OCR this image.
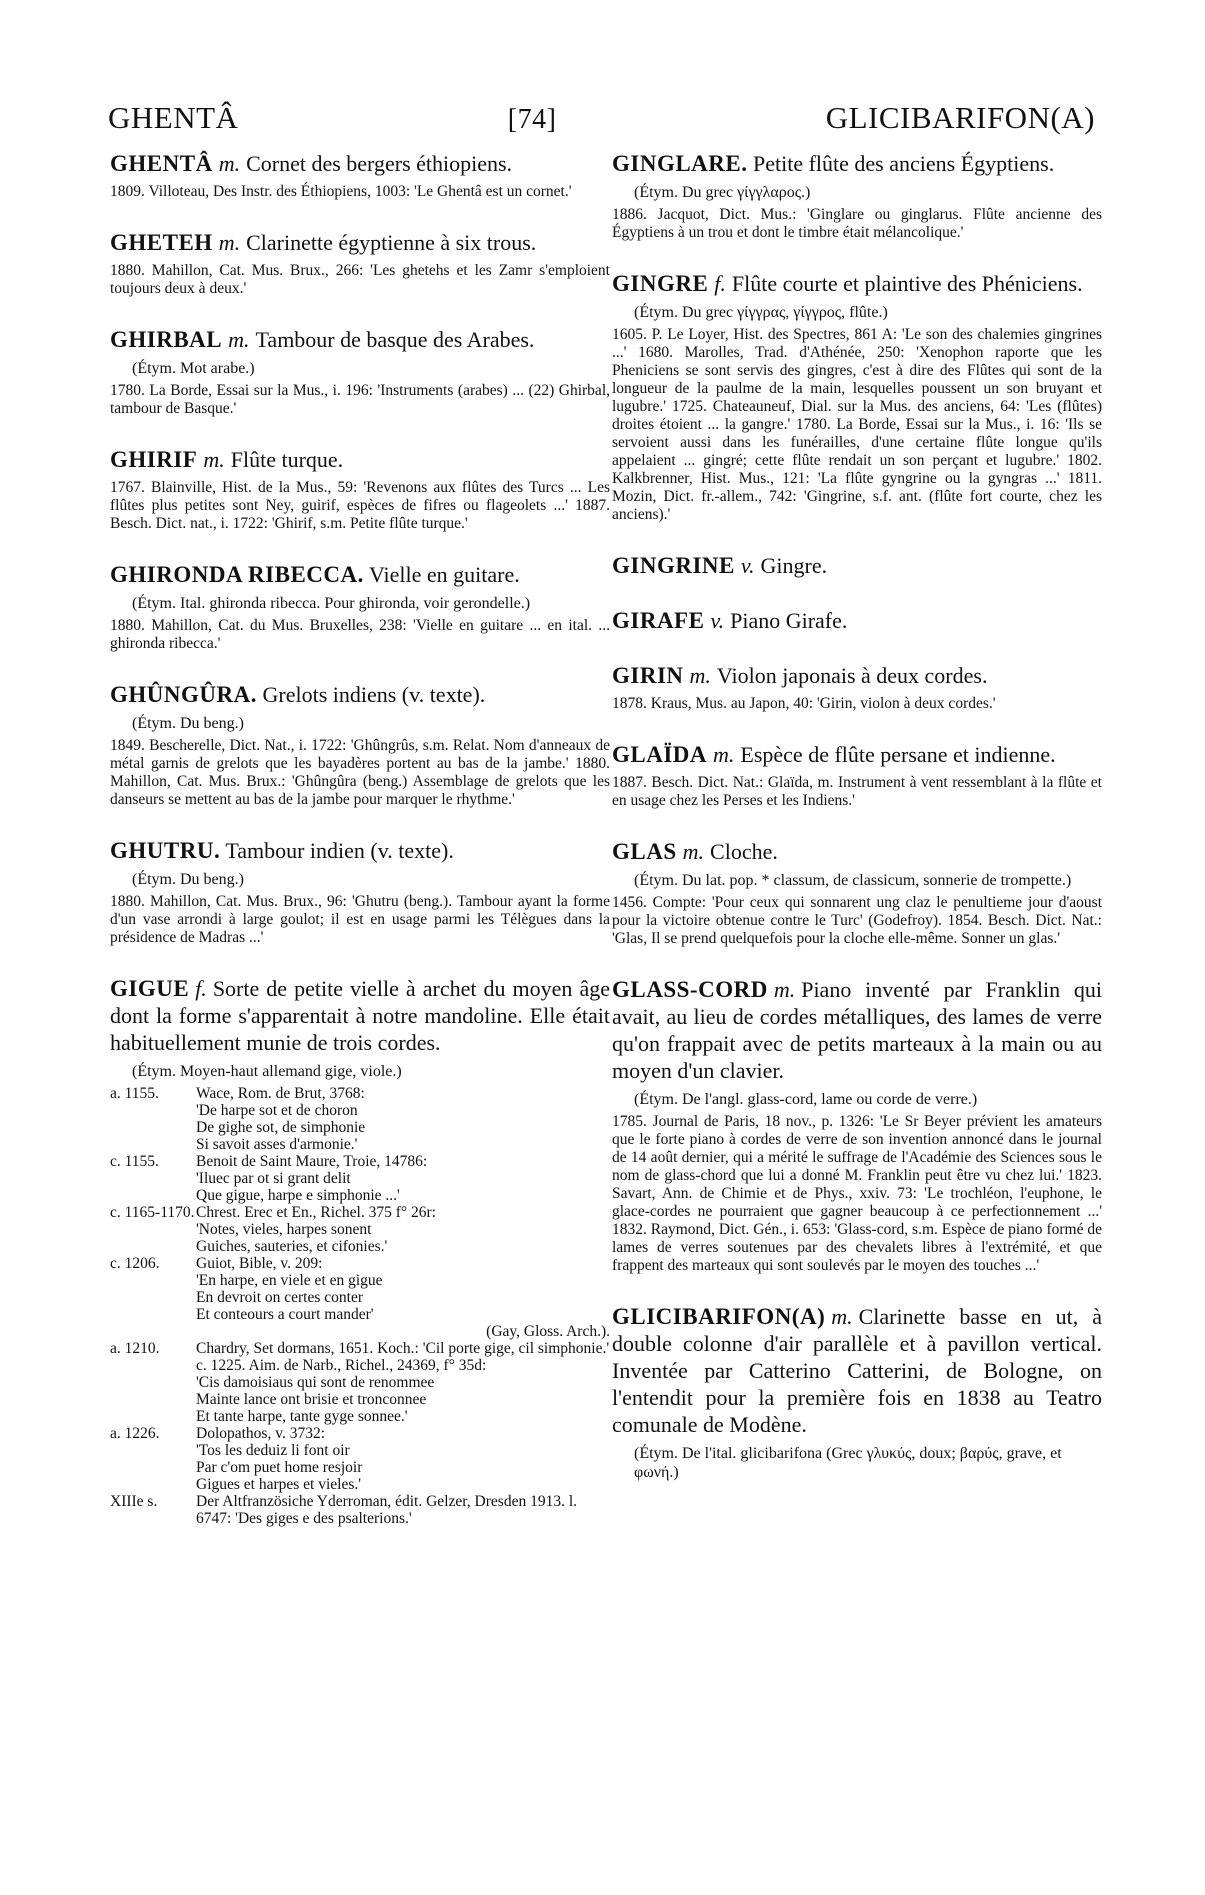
GHENTÂ	[74]	GLICIBARIFON(A)

GHENTÂ m. Cornet des bergers éthiopiens.

1809. Villoteau, Des Instr. des Éthiopiens, 1003: 'Le Ghentâ est un cornet.'

GHETEH m. Clarinette égyptienne à six trous.

1880. Mahillon, Cat. Mus. Brux., 266: 'Les ghetehs et les Zamr s'emploient toujours deux à deux.'

GHIRBAL m. Tambour de basque des Arabes.

(Étym. Mot arabe.)

1780. La Borde, Essai sur la Mus., i. 196: 'Instruments (arabes) ... (22) Ghirbal, tambour de Basque.'

GHIRIF m. Flûte turque.

1767. Blainville, Hist. de la Mus., 59: 'Revenons aux flûtes des Turcs ... Les flûtes plus petites sont Ney, guirif, espèces de fifres ou flageolets ...' 1887. Besch. Dict. nat., i. 1722: 'Ghirif, s.m. Petite flûte turque.'

GHIRONDA RIBECCA. Vielle en guitare.

(Étym. Ital. ghironda ribecca. Pour ghironda, voir gerondelle.)

1880. Mahillon, Cat. du Mus. Bruxelles, 238: 'Vielle en guitare ... en ital. ... ghironda ribecca.'

GHÛNGÛRA. Grelots indiens (v. texte).

(Étym. Du beng.)

1849. Bescherelle, Dict. Nat., i. 1722: 'Ghûngrûs, s.m. Relat. Nom d'anneaux de métal garnis de grelots que les bayadères portent au bas de la jambe.' 1880. Mahillon, Cat. Mus. Brux.: 'Ghûngûra (beng.) Assemblage de grelots que les danseurs se mettent au bas de la jambe pour marquer le rhythme.'

GHUTRU. Tambour indien (v. texte).

(Étym. Du beng.)

1880. Mahillon, Cat. Mus. Brux., 96: 'Ghutru (beng.). Tambour ayant la forme d'un vase arrondi à large goulot; il est en usage parmi les Télègues dans la présidence de Madras ...'

GIGUE f. Sorte de petite vielle à archet du moyen âge dont la forme s'apparentait à notre mandoline. Elle était habituellement munie de trois cordes.

(Étym. Moyen-haut allemand gige, viole.)

a. 1155.	Wace, Rom. de Brut, 3768:
'De harpe sot et de choron
De gighe sot, de simphonie
Si savoit asses d'armonie.'
c. 1155.	Benoit de Saint Maure, Troie, 14786:
'Iluec par ot si grant delit
Que gigue, harpe e simphonie ...'
c. 1165-1170. Chrest. Erec et En., Richel. 375 f° 26r:
'Notes, vieles, harpes sonent
Guiches, sauteries, et cifonies.'
c. 1206.	Guiot, Bible, v. 209:
'En harpe, en viele et en gigue
En devroit on certes conter
Et conteours a court mander'
(Gay, Gloss. Arch.).
a. 1210.	Chardry, Set dormans, 1651. Koch.: 'Cil porte gige, cil simphonie.' c. 1225. Aim. de Narb., Richel., 24369, f° 35d:
'Cis damoisiaus qui sont de renommee
Mainte lance ont brisie et tronconnee
Et tante harpe, tante gyge sonnee.'
a. 1226.	Dolopathos, v. 3732:
'Tos les deduiz li font oir
Par c'om puet home resjoir
Gigues et harpes et vieles.'
XIIIe s.	Der Altfranzösiche Yderroman, édit. Gelzer, Dresden 1913. l. 6747: 'Des giges e des psalterions.'

GINGLARE. Petite flûte des anciens Égyptiens.

(Étym. Du grec γίγγλαρος.)

1886. Jacquot, Dict. Mus.: 'Ginglare ou ginglarus. Flûte ancienne des Égyptiens à un trou et dont le timbre était mélancolique.'

GINGRE f. Flûte courte et plaintive des Phéniciens.

(Étym. Du grec γίγγρας, γίγγρος, flûte.)

1605. P. Le Loyer, Hist. des Spectres, 861 A: 'Le son des chalemies gingrines ...' 1680. Marolles, Trad. d'Athénée, 250: 'Xenophon raporte que les Pheniciens se sont servis des gingres, c'est à dire des Flûtes qui sont de la longueur de la paulme de la main, lesquelles poussent un son bruyant et lugubre.' 1725. Chateauneuf, Dial. sur la Mus. des anciens, 64: 'Les (flûtes) droites étoient ... la gangre.' 1780. La Borde, Essai sur la Mus., i. 16: 'Ils se servoient aussi dans les funérailles, d'une certaine flûte longue qu'ils appelaient ... gingré; cette flûte rendait un son perçant et lugubre.' 1802. Kalkbrenner, Hist. Mus., 121: 'La flûte gyngrine ou la gyngras ...' 1811. Mozin, Dict. fr.-allem., 742: 'Gingrine, s.f. ant. (flûte fort courte, chez les anciens).'

GINGRINE v. Gingre.

GIRAFE v. Piano Girafe.

GIRIN m. Violon japonais à deux cordes.

1878. Kraus, Mus. au Japon, 40: 'Girin, violon à deux cordes.'

GLAÏDA m. Espèce de flûte persane et indienne.

1887. Besch. Dict. Nat.: Glaïda, m. Instrument à vent ressemblant à la flûte et en usage chez les Perses et les Indiens.'

GLAS m. Cloche.

(Étym. Du lat. pop. * classum, de classicum, sonnerie de trompette.)

1456. Compte: 'Pour ceux qui sonnarent ung claz le penultieme jour d'aoust pour la victoire obtenue contre le Turc' (Godefroy). 1854. Besch. Dict. Nat.: 'Glas, Il se prend quelquefois pour la cloche elle-même. Sonner un glas.'

GLASS-CORD m. Piano inventé par Franklin qui avait, au lieu de cordes métalliques, des lames de verre qu'on frappait avec de petits marteaux à la main ou au moyen d'un clavier.

(Étym. De l'angl. glass-cord, lame ou corde de verre.)

1785. Journal de Paris, 18 nov., p. 1326: 'Le Sr Beyer prévient les amateurs que le forte piano à cordes de verre de son invention annoncé dans le journal de 14 août dernier, qui a mérité le suffrage de l'Académie des Sciences sous le nom de glass-chord que lui a donné M. Franklin peut être vu chez lui.' 1823. Savart, Ann. de Chimie et de Phys., xxiv. 73: 'Le trochléon, l'euphone, le glace-cordes ne pourraient que gagner beaucoup à ce perfectionnement ...' 1832. Raymond, Dict. Gén., i. 653: 'Glass-cord, s.m. Espèce de piano formé de lames de verres soutenues par des chevalets libres à l'extrémité, et que frappent des marteaux qui sont soulevés par le moyen des touches ...'

GLICIBARIFON(A) m. Clarinette basse en ut, à double colonne d'air parallèle et à pavillon vertical. Inventée par Catterino Catterini, de Bologne, on l'entendit pour la première fois en 1838 au Teatro comunale de Modène.

(Étym. De l'ital. glicibarifona (Grec γλυκύς, doux; βαρύς, grave, et φωνή.)
